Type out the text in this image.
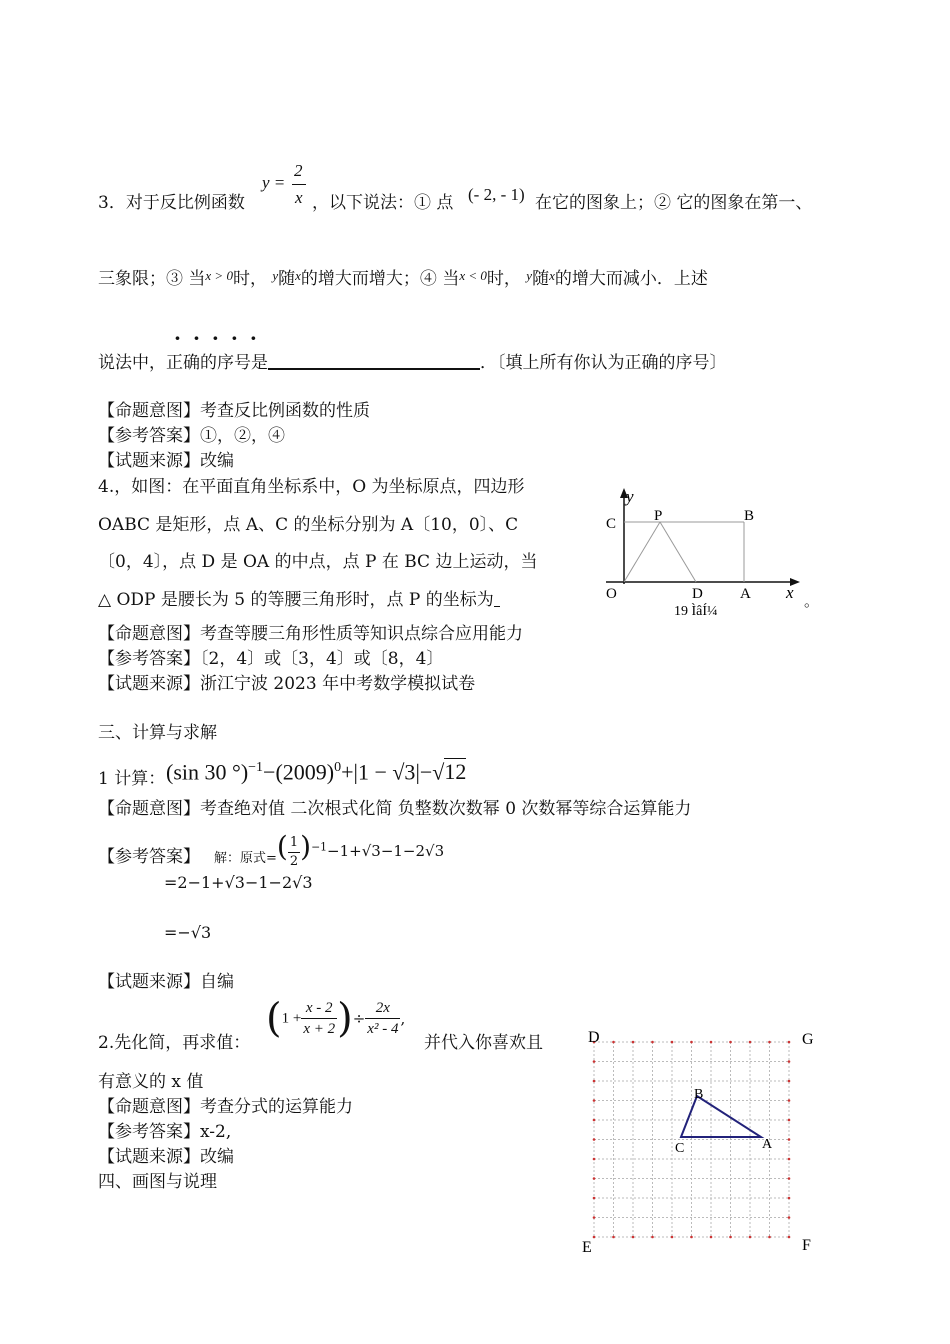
3．对于反比例函数
y =
2
x ，以下说法：① 点 (- 2, - 1) 在它的图象上；② 它的图象在第一、
三象限；③ 当$^{x > 0}$时， $^y$随$^x$的增大而增大；④ 当$^{x < 0}$时， $^y$随$^x$的增大而减小．上述
·····
说法中，正确的序号是	．〔填上所有你认为正确的序号〕
【命题意图】考查反比例函数的性质
【参考答案】①，②，④
【试题来源】改编
4.，如图：在平面直角坐标系中，O 为坐标原点，四边形
OABC 是矩形，点 A、C 的坐标分别为 A〔10，0〕、C
〔0，4〕，点 D 是 OA 的中点，点 P 在 BC 边上运动，当
△ ODP 是腰长为 5 的等腰三角形时，点 P 的坐标为
y
C	P	B
O	D A x
19 ÌâÍ¼
。
【命题意图】考查等腰三角形性质等知识点综合应用能力
【参考答案】〔2，4〕或〔3，4〕或〔8，4〕
【试题来源】浙江宁波 2023 年中考数学模拟试卷
三、计算与求解
1 计算： (sin 30 $^\circ)^{-1}-(2009)^0+|1 - √3|-√12$
【命题意图】考查绝对值 二次根式化简 负整数次数幂 0 次数幂等综合运算能力
【参考答案】 解：原式=( $\frac{1}{2} )^{-1}-1+√3-1-2√3$
=2−1+√3−1−2√3
=−√3
【试题来源】自编
2.先化简，再求值：
($1 + \frac{x - 2}{x + 2}$ )÷ $\frac{2x}{\text{x² - 4}}$ ,
并代入你喜欢且
有意义的 x 值
【命题意图】考查分式的运算能力
【参考答案】x-2,
【试题来源】改编
四、画图与说理
D	G
E	F
B
C	A
